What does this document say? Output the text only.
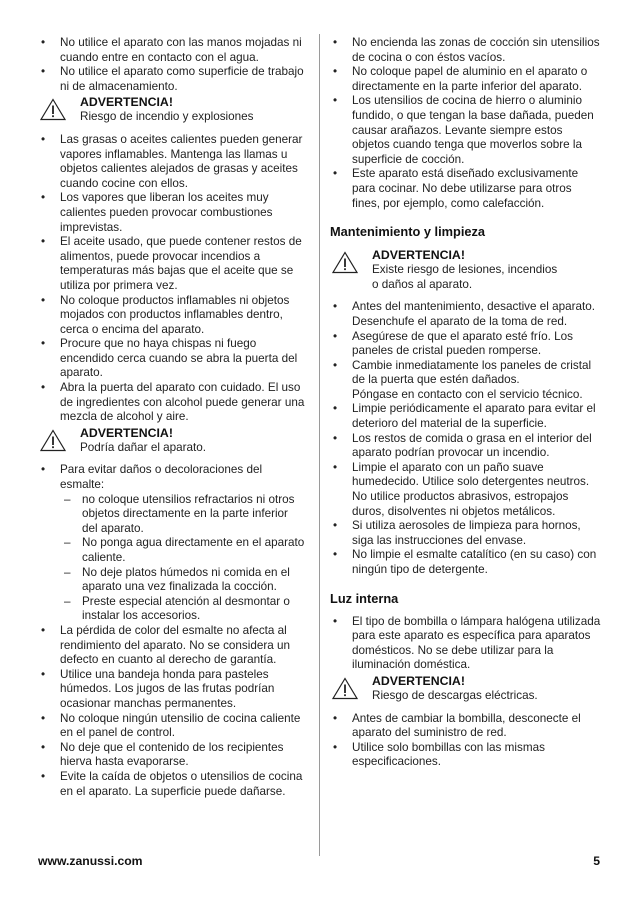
• No utilice el aparato con las manos mojadas ni cuando entre en contacto con el agua.
• No utilice el aparato como superficie de trabajo ni de almacenamiento.
ADVERTENCIA!
Riesgo de incendio y explosiones
• Las grasas o aceites calientes pueden generar vapores inflamables. Mantenga las llamas u objetos calientes alejados de grasas y aceites cuando cocine con ellos.
• Los vapores que liberan los aceites muy calientes pueden provocar combustiones imprevistas.
• El aceite usado, que puede contener restos de alimentos, puede provocar incendios a temperaturas más bajas que el aceite que se utiliza por primera vez.
• No coloque productos inflamables ni objetos mojados con productos inflamables dentro, cerca o encima del aparato.
• Procure que no haya chispas ni fuego encendido cerca cuando se abra la puerta del aparato.
• Abra la puerta del aparato con cuidado. El uso de ingredientes con alcohol puede generar una mezcla de alcohol y aire.
ADVERTENCIA!
Podría dañar el aparato.
• Para evitar daños o decoloraciones del esmalte:
– no coloque utensilios refractarios ni otros objetos directamente en la parte inferior del aparato.
– No ponga agua directamente en el aparato caliente.
– No deje platos húmedos ni comida en el aparato una vez finalizada la cocción.
– Preste especial atención al desmontar o instalar los accesorios.
• La pérdida de color del esmalte no afecta al rendimiento del aparato. No se considera un defecto en cuanto al derecho de garantía.
• Utilice una bandeja honda para pasteles húmedos. Los jugos de las frutas podrían ocasionar manchas permanentes.
• No coloque ningún utensilio de cocina caliente en el panel de control.
• No deje que el contenido de los recipientes hierva hasta evaporarse.
• Evite la caída de objetos o utensilios de cocina en el aparato. La superficie puede dañarse.
• No encienda las zonas de cocción sin utensilios de cocina o con éstos vacíos.
• No coloque papel de aluminio en el aparato o directamente en la parte inferior del aparato.
• Los utensilios de cocina de hierro o aluminio fundido, o que tengan la base dañada, pueden causar arañazos. Levante siempre estos objetos cuando tenga que moverlos sobre la superficie de cocción.
• Este aparato está diseñado exclusivamente para cocinar. No debe utilizarse para otros fines, por ejemplo, como calefacción.
Mantenimiento y limpieza
ADVERTENCIA!
Existe riesgo de lesiones, incendios
o daños al aparato.
• Antes del mantenimiento, desactive el aparato.
Desenchufe el aparato de la toma de red.
• Asegúrese de que el aparato esté frío. Los paneles de cristal pueden romperse.
• Cambie inmediatamente los paneles de cristal de la puerta que estén dañados.
Póngase en contacto con el servicio técnico.
• Limpie periódicamente el aparato para evitar el deterioro del material de la superficie.
• Los restos de comida o grasa en el interior del aparato podrían provocar un incendio.
• Limpie el aparato con un paño suave humedecido. Utilice solo detergentes neutros. No utilice productos abrasivos, estropajos duros, disolventes ni objetos metálicos.
• Si utiliza aerosoles de limpieza para hornos, siga las instrucciones del envase.
• No limpie el esmalte catalítico (en su caso) con ningún tipo de detergente.
Luz interna
• El tipo de bombilla o lámpara halógena utilizada para este aparato es específica para aparatos domésticos. No se debe utilizar para la iluminación doméstica.
ADVERTENCIA!
Riesgo de descargas eléctricas.
• Antes de cambiar la bombilla, desconecte el aparato del suministro de red.
• Utilice solo bombillas con las mismas especificaciones.
www.zanussi.com	5
